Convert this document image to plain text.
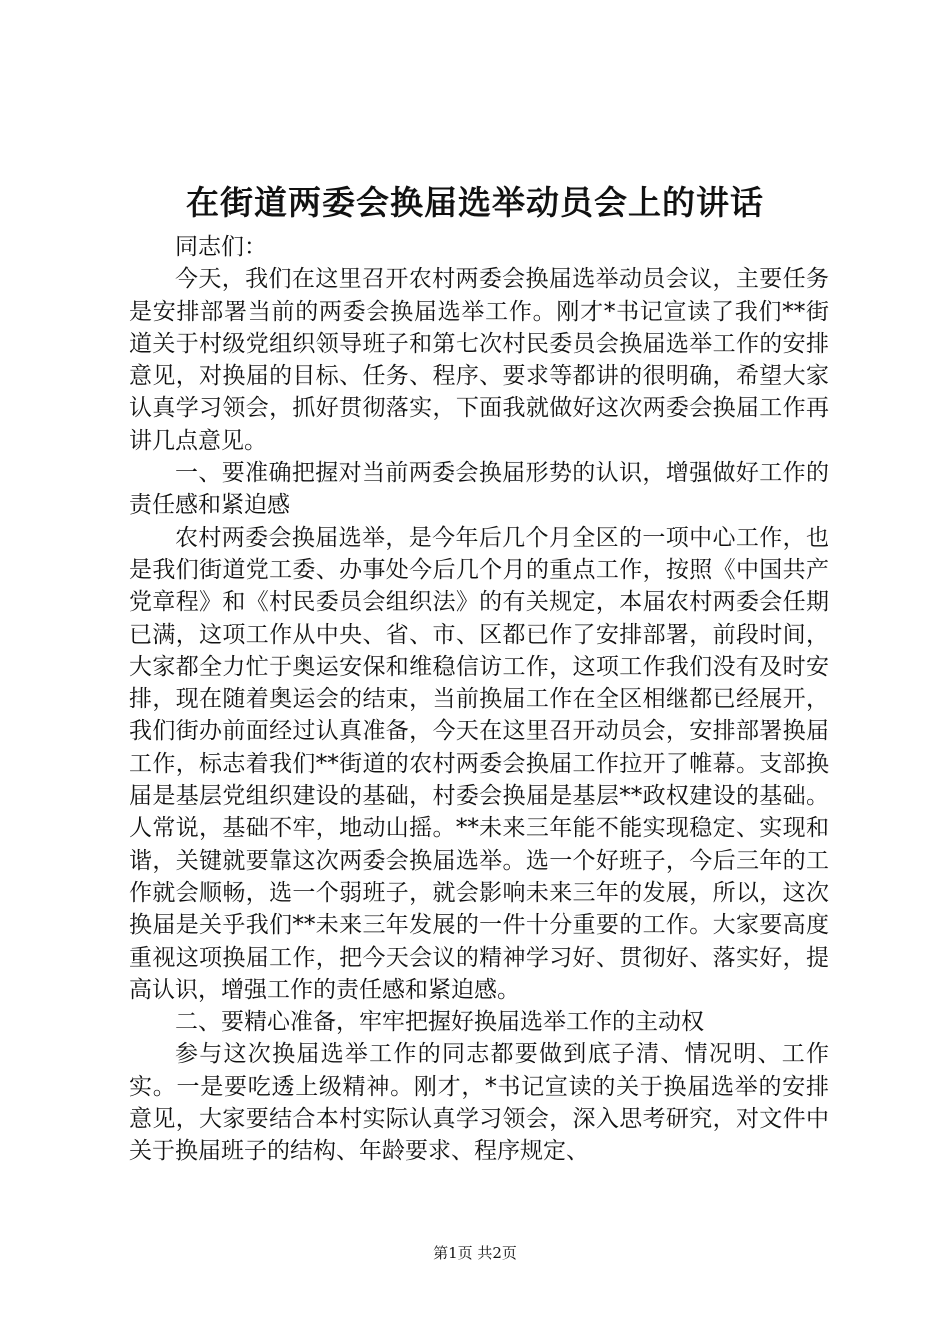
在街道两委会换届选举动员会上的讲话

同志们：

今天，我们在这里召开农村两委会换届选举动员会议，主要任务是安排部署当前的两委会换届选举工作。刚才*书记宣读了我们**街道关于村级党组织领导班子和第七次村民委员会换届选举工作的安排意见，对换届的目标、任务、程序、要求等都讲的很明确，希望大家认真学习领会，抓好贯彻落实，下面我就做好这次两委会换届工作再讲几点意见。

一、要准确把握对当前两委会换届形势的认识，增强做好工作的责任感和紧迫感

农村两委会换届选举，是今年后几个月全区的一项中心工作，也是我们街道党工委、办事处今后几个月的重点工作，按照《中国共产党章程》和《村民委员会组织法》的有关规定，本届农村两委会任期已满，这项工作从中央、省、市、区都已作了安排部署，前段时间，大家都全力忙于奥运安保和维稳信访工作，这项工作我们没有及时安排，现在随着奥运会的结束，当前换届工作在全区相继都已经展开，我们街办前面经过认真准备，今天在这里召开动员会，安排部署换届工作，标志着我们**街道的农村两委会换届工作拉开了帷幕。支部换届是基层党组织建设的基础，村委会换届是基层**政权建设的基础。人常说，基础不牢，地动山摇。**未来三年能不能实现稳定、实现和谐，关键就要靠这次两委会换届选举。选一个好班子，今后三年的工作就会顺畅，选一个弱班子，就会影响未来三年的发展，所以，这次换届是关乎我们**未来三年发展的一件十分重要的工作。大家要高度重视这项换届工作，把今天会议的精神学习好、贯彻好、落实好，提高认识，增强工作的责任感和紧迫感。

二、要精心准备，牢牢把握好换届选举工作的主动权

参与这次换届选举工作的同志都要做到底子清、情况明、工作实。一是要吃透上级精神。刚才，*书记宣读的关于换届选举的安排意见，大家要结合本村实际认真学习领会，深入思考研究，对文件中关于换届班子的结构、年龄要求、程序规定、

第1页 共2页
